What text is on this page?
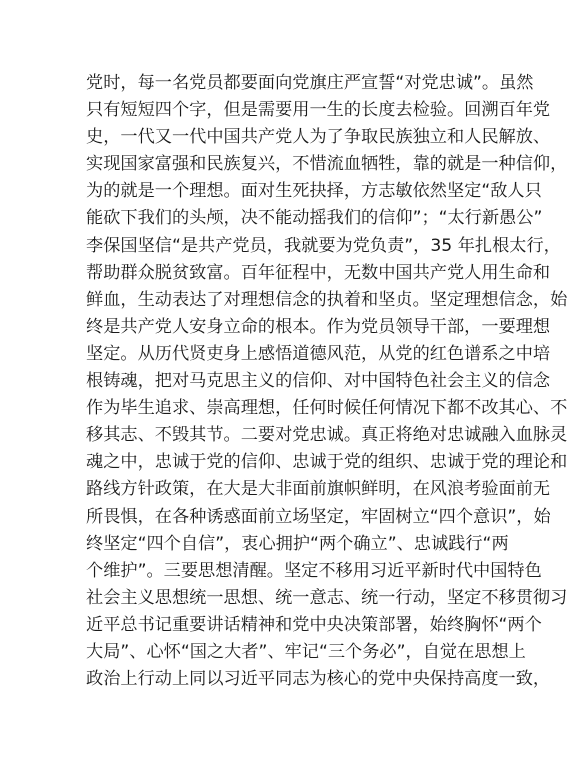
党时，每一名党员都要面向党旗庄严宣誓“对党忠诚”。虽然
只有短短四个字，但是需要用一生的长度去检验。回溯百年党
史，一代又一代中国共产党人为了争取民族独立和人民解放、
实现国家富强和民族复兴，不惜流血牺牲，靠的就是一种信仰，
为的就是一个理想。面对生死抉择，方志敏依然坚定“敌人只
能砍下我们的头颅，决不能动摇我们的信仰”；“太行新愚公”
李保国坚信“是共产党员，我就要为党负责”，35 年扎根太行，
帮助群众脱贫致富。百年征程中，无数中国共产党人用生命和
鲜血，生动表达了对理想信念的执着和坚贞。坚定理想信念，始
终是共产党人安身立命的根本。作为党员领导干部，一要理想
坚定。从历代贤吏身上感悟道德风范，从党的红色谱系之中培
根铸魂，把对马克思主义的信仰、对中国特色社会主义的信念
作为毕生追求、崇高理想，任何时候任何情况下都不改其心、不
移其志、不毁其节。二要对党忠诚。真正将绝对忠诚融入血脉灵
魂之中，忠诚于党的信仰、忠诚于党的组织、忠诚于党的理论和
路线方针政策，在大是大非面前旗帜鲜明，在风浪考验面前无
所畏惧，在各种诱惑面前立场坚定，牢固树立“四个意识”，始
终坚定“四个自信”，衷心拥护“两个确立”、忠诚践行“两
个维护”。三要思想清醒。坚定不移用习近平新时代中国特色
社会主义思想统一思想、统一意志、统一行动，坚定不移贯彻习
近平总书记重要讲话精神和党中央决策部署，始终胸怀“两个
大局”、心怀“国之大者”、牢记“三个务必”，自觉在思想上
政治上行动上同以习近平同志为核心的党中央保持高度一致，
